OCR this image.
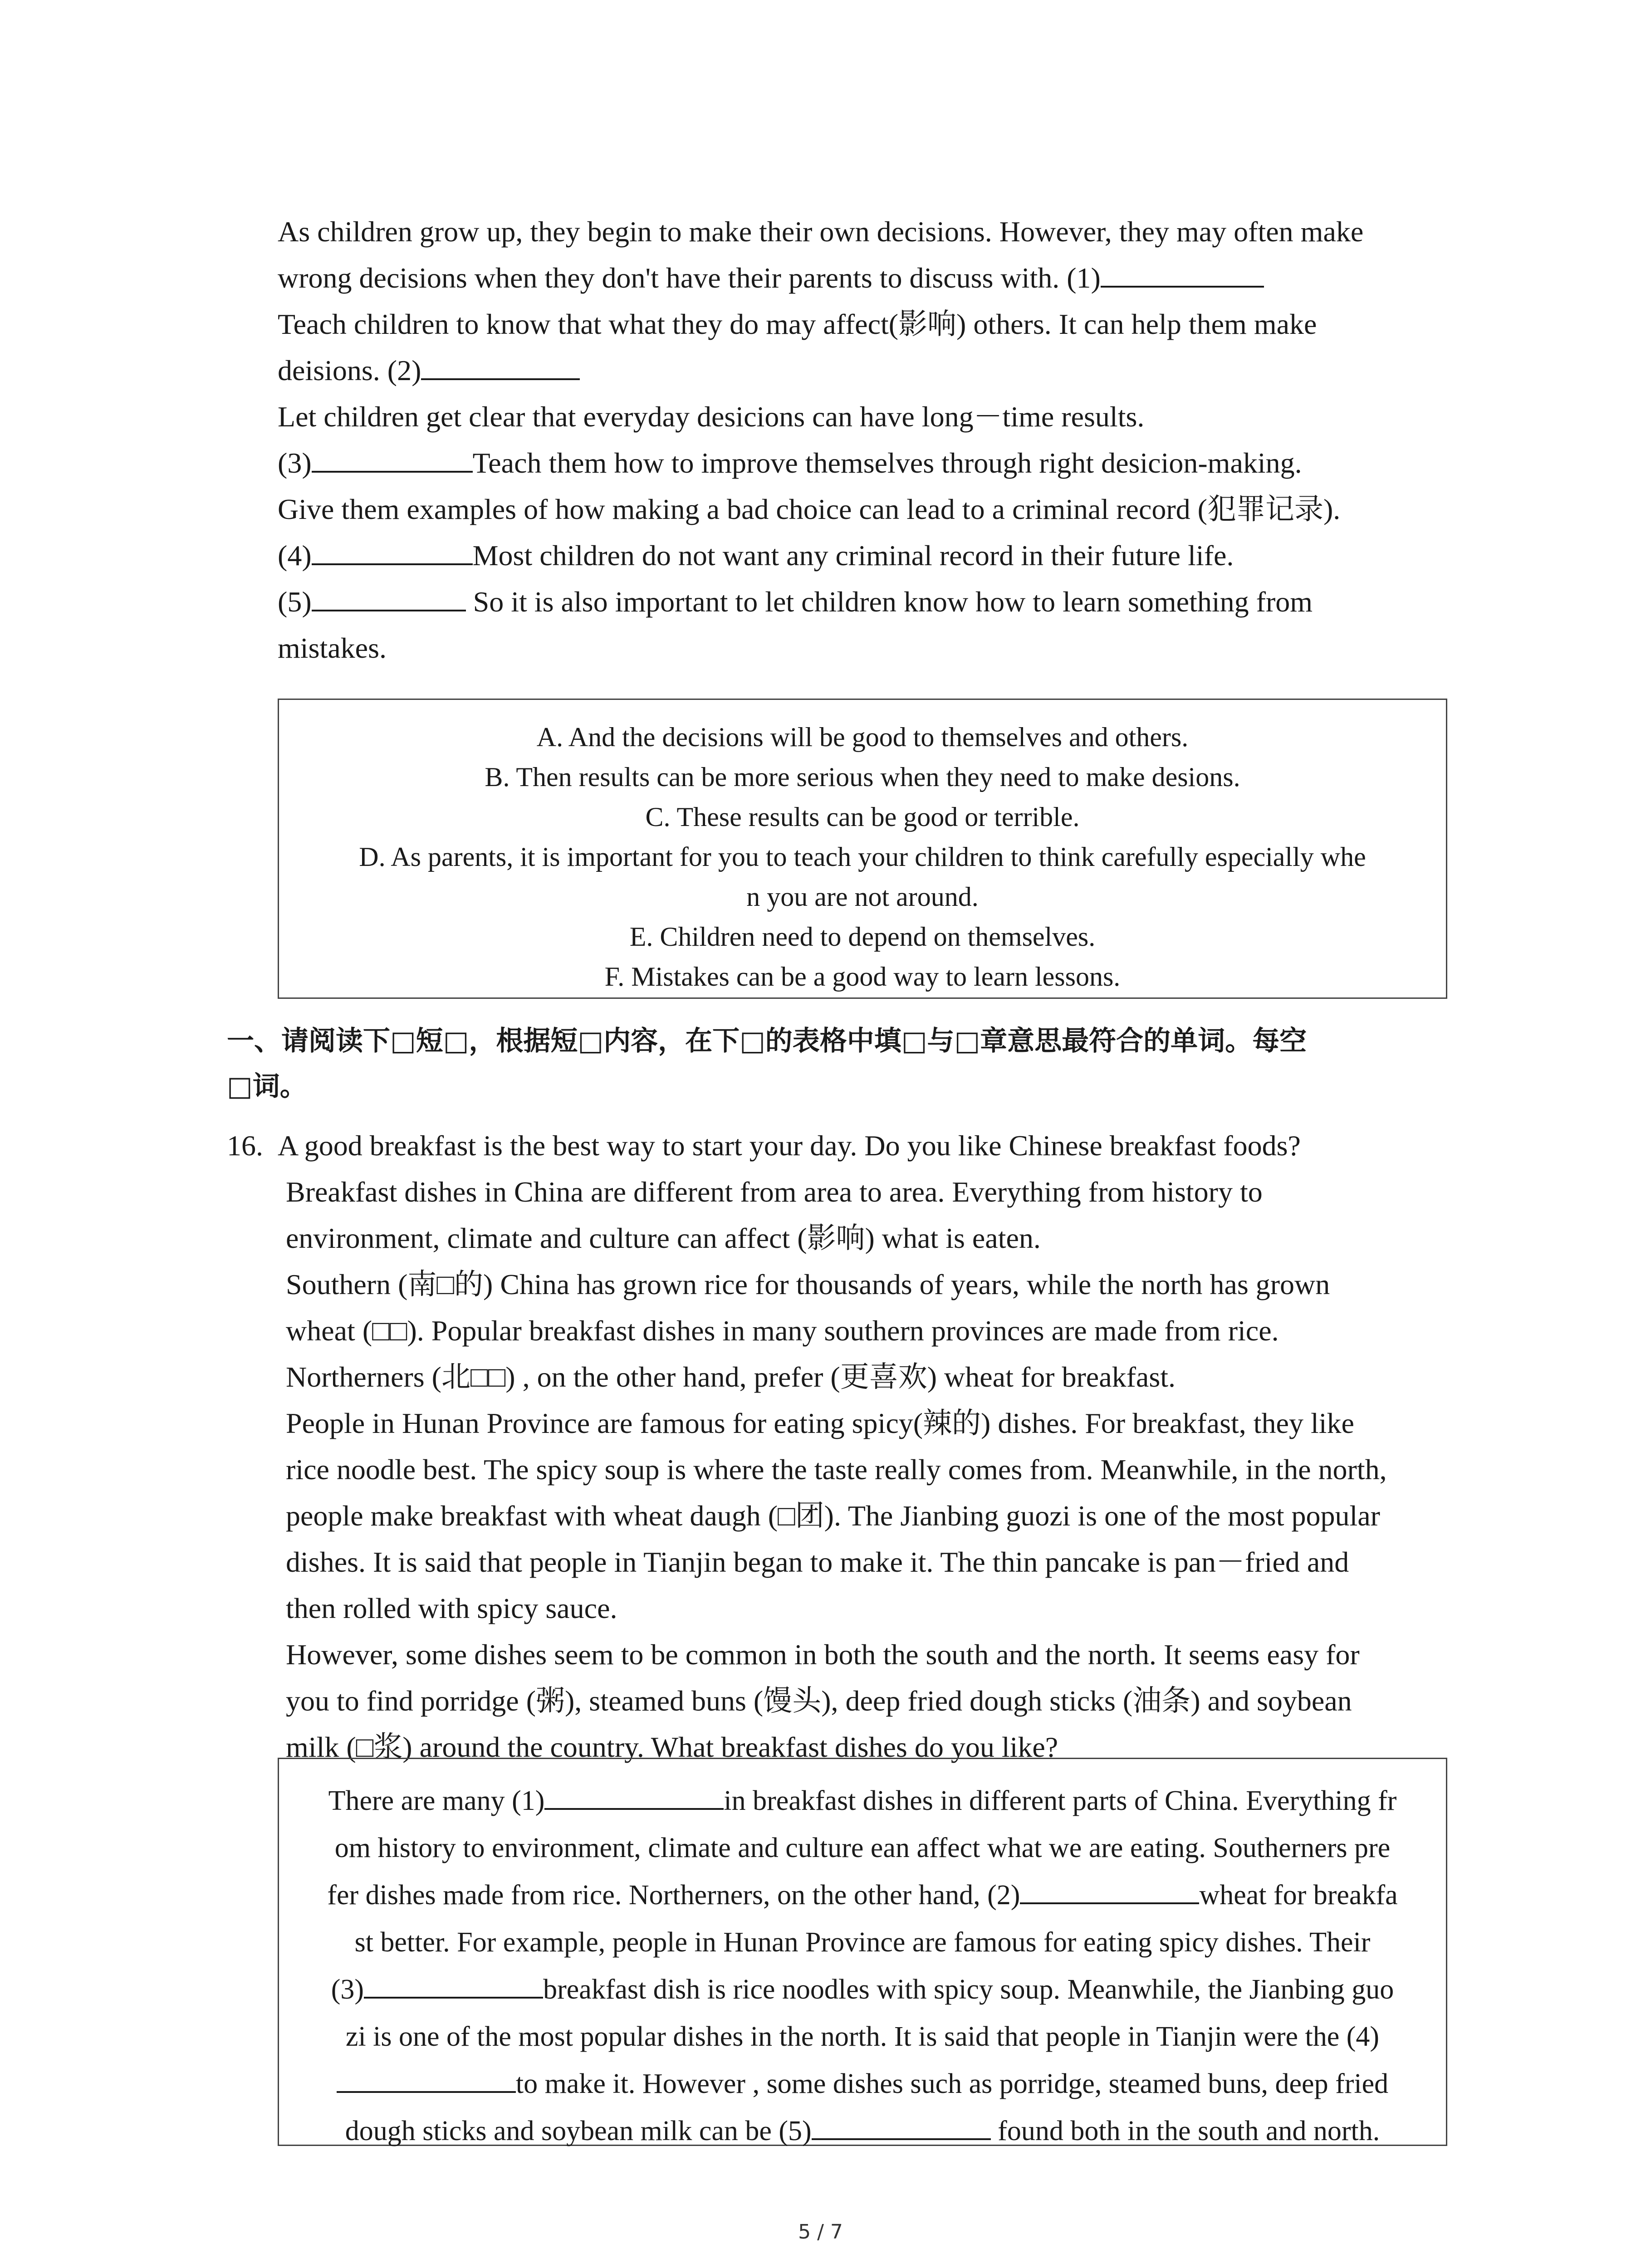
As children grow up, they begin to make their own decisions. However, they may often make
wrong decisions when they don't have their parents to discuss with. (1)
Teach children to know that what they do may affect(影响) others. It can help them make
deisions. (2)
Let children get clear that everyday desicions can have long－time results.
(3)	Teach them how to improve themselves through right desicion-making.
Give them examples of how making a bad choice can lead to a criminal record (犯罪记录).
(4)	Most children do not want any criminal record in their future life.
(5)	So it is also important to let children know how to learn something from
mistakes.
A. And the decisions will be good to themselves and others.
B. Then results can be more serious when they need to make desions.
C. These results can be good or terrible.
D. As parents, it is important for you to teach your children to think carefully especially whe
n you are not around.
E. Children need to depend on themselves.
F. Mistakes can be a good way to learn lessons.
一、请阅读下□短□，根据短□内容，在下□的表格中填□与□章意思最符合的单词。每空
□词。
16. A good breakfast is the best way to start your day. Do you like Chinese breakfast foods?
Breakfast dishes in China are different from area to area. Everything from history to
environment, climate and culture can affect (影响) what is eaten.
Southern (南□的) China has grown rice for thousands of years, while the north has grown
wheat (□□). Popular breakfast dishes in many southern provinces are made from rice.
Northerners (北□□) , on the other hand, prefer (更喜欢) wheat for breakfast.
People in Hunan Province are famous for eating spicy(辣的) dishes. For breakfast, they like
rice noodle best. The spicy soup is where the taste really comes from. Meanwhile, in the north,
people make breakfast with wheat daugh (□团). The Jianbing guozi is one of the most popular
dishes. It is said that people in Tianjin began to make it. The thin pancake is pan－fried and
then rolled with spicy sauce.
However, some dishes seem to be common in both the south and the north. It seems easy for
you to find porridge (粥), steamed buns (馒头), deep fried dough sticks (油条) and soybean
milk (□浆) around the country. What breakfast dishes do you like?
There are many (1)	in breakfast dishes in different parts of China. Everything fr
om history to environment, climate and culture ean affect what we are eating. Southerners pre
fer dishes made from rice. Northerners, on the other hand, (2)	wheat for breakfa
st better. For example, people in Hunan Province are famous for eating spicy dishes. Their
(3)	breakfast dish is rice noodles with spicy soup. Meanwhile, the Jianbing guo
zi is one of the most popular dishes in the north. It is said that people in Tianjin were the (4)
to make it. However , some dishes such as porridge, steamed buns, deep fried
dough sticks and soybean milk can be (5)	found both in the south and north.
5 / 7
